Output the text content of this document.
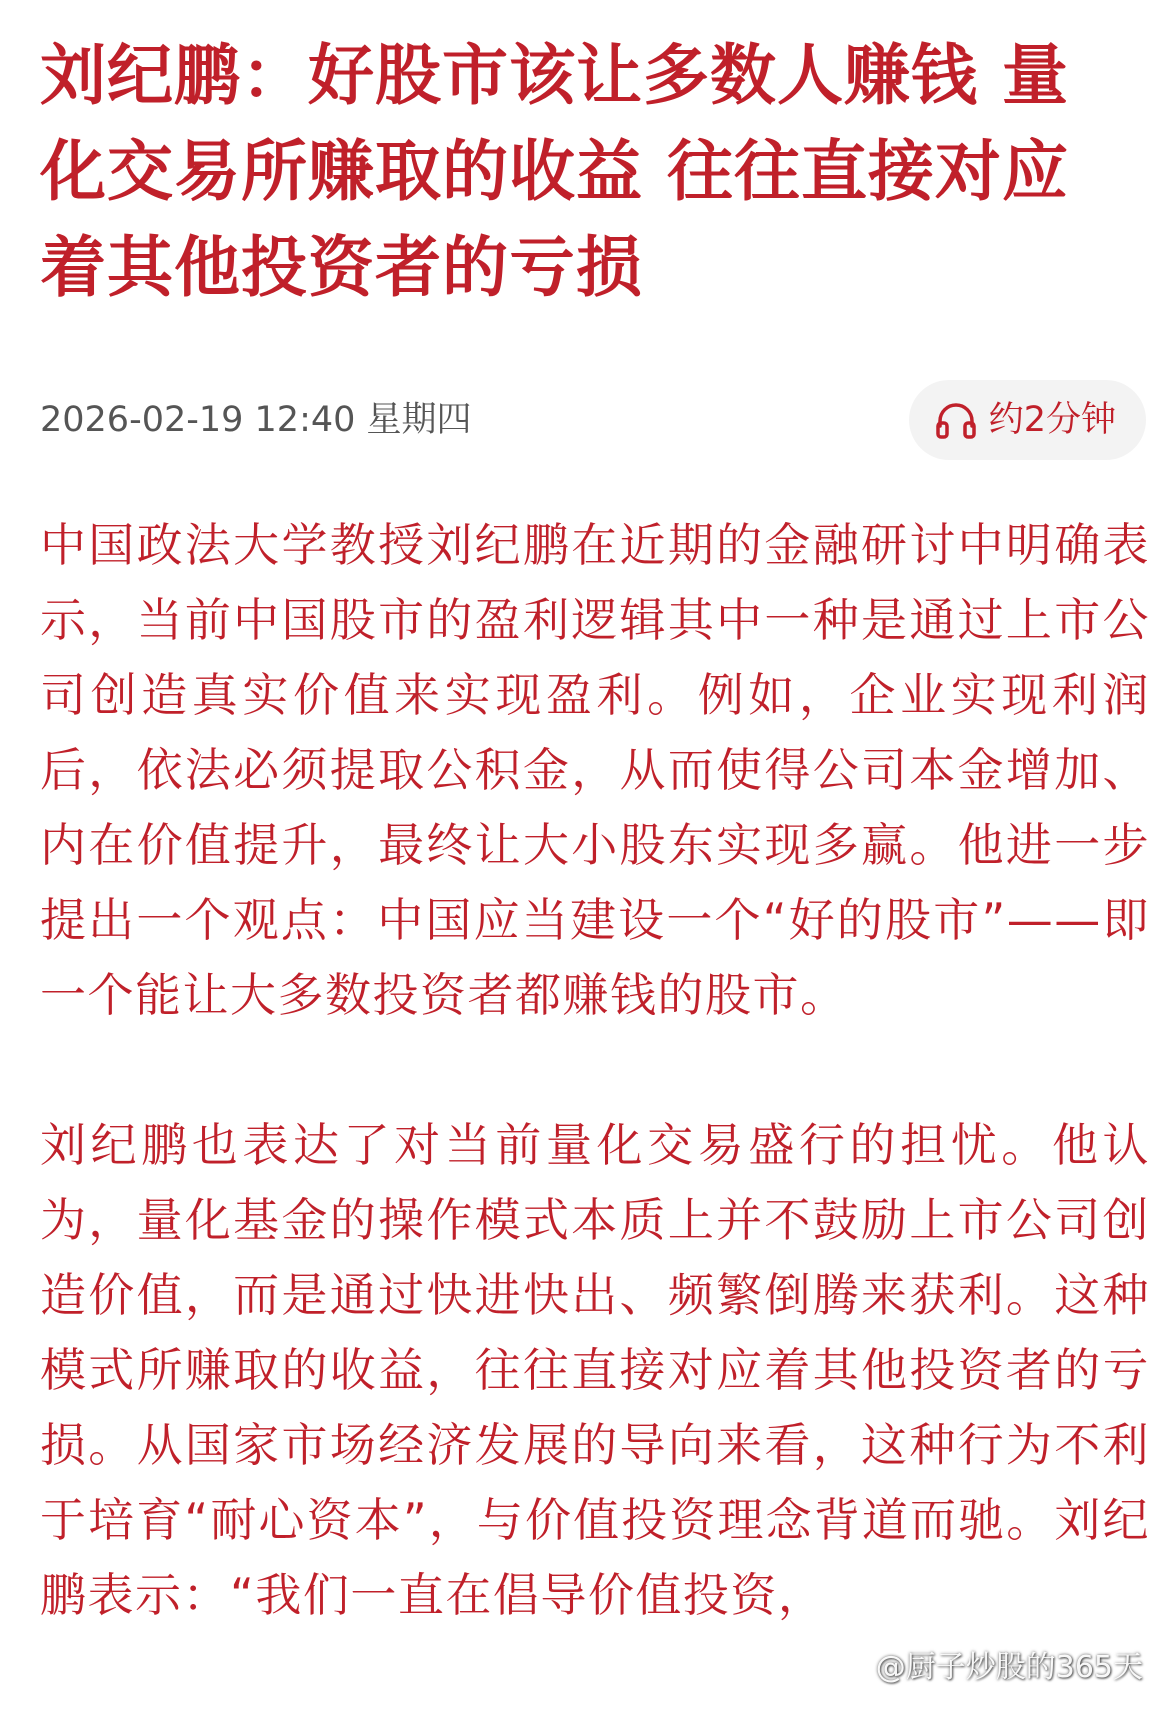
刘纪鹏：好股市该让多数人赚钱 量化交易所赚取的收益 往往直接对应着其他投资者的亏损
2026-02-19 12:40 星期四	约2分钟

中国政法大学教授刘纪鹏在近期的金融研讨中明确表示，当前中国股市的盈利逻辑其中一种是通过上市公司创造真实价值来实现盈利。例如，企业实现利润后，依法必须提取公积金，从而使得公司本金增加、内在价值提升，最终让大小股东实现多赢。他进一步提出一个观点：中国应当建设一个“好的股市”——即一个能让大多数投资者都赚钱的股市。

刘纪鹏也表达了对当前量化交易盛行的担忧。他认为，量化基金的操作模式本质上并不鼓励上市公司创造价值，而是通过快进快出、频繁倒腾来获利。这种模式所赚取的收益，往往直接对应着其他投资者的亏损。从国家市场经济发展的导向来看，这种行为不利于培育“耐心资本”，与价值投资理念背道而驰。刘纪鹏表示：“我们一直在倡导价值投资，

@厨子炒股的365天
